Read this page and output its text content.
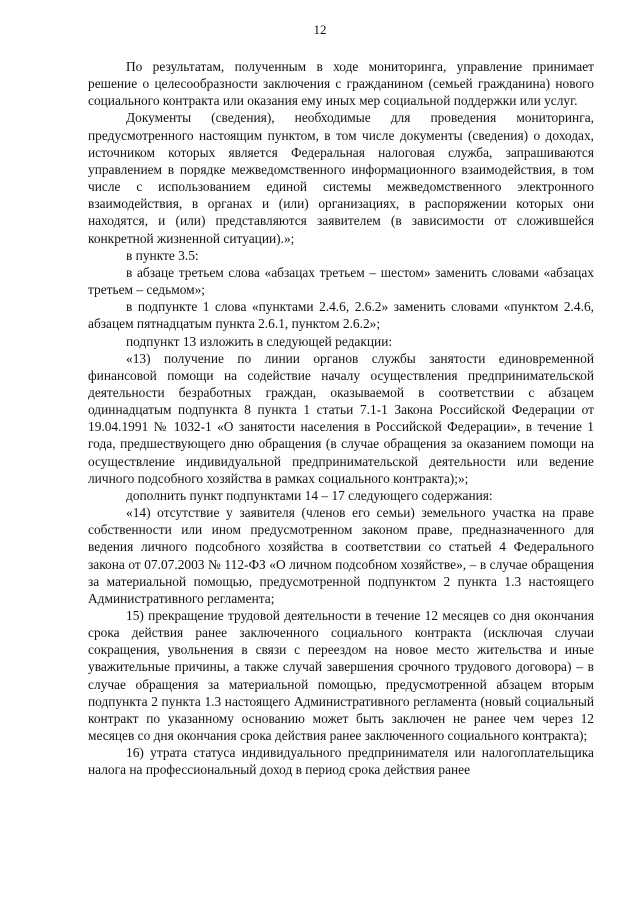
12

По результатам, полученным в ходе мониторинга, управление принимает решение о целесообразности заключения с гражданином (семьей гражданина) нового социального контракта или оказания ему иных мер социальной поддержки или услуг.

Документы (сведения), необходимые для проведения мониторинга, предусмотренного настоящим пунктом, в том числе документы (сведения) о доходах, источником которых является Федеральная налоговая служба, запрашиваются управлением в порядке межведомственного информационного взаимодействия, в том числе с использованием единой системы межведомственного электронного взаимодействия, в органах и (или) организациях, в распоряжении которых они находятся, и (или) представляются заявителем (в зависимости от сложившейся конкретной жизненной ситуации).»;

в пункте 3.5:

в абзаце третьем слова «абзацах третьем – шестом» заменить словами «абзацах третьем – седьмом»;

в подпункте 1 слова «пунктами 2.4.6, 2.6.2» заменить словами «пунктом 2.4.6, абзацем пятнадцатым пункта 2.6.1, пунктом 2.6.2»;

подпункт 13 изложить в следующей редакции:

«13) получение по линии органов службы занятости единовременной финансовой помощи на содействие началу осуществления предпринимательской деятельности безработных граждан, оказываемой в соответствии с абзацем одиннадцатым подпункта 8 пункта 1 статьи 7.1-1 Закона Российской Федерации от 19.04.1991 № 1032-1 «О занятости населения в Российской Федерации», в течение 1 года, предшествующего дню обращения (в случае обращения за оказанием помощи на осуществление индивидуальной предпринимательской деятельности или ведение личного подсобного хозяйства в рамках социального контракта);»;

дополнить пункт подпунктами 14 – 17 следующего содержания:

«14) отсутствие у заявителя (членов его семьи) земельного участка на праве собственности или ином предусмотренном законом праве, предназначенного для ведения личного подсобного хозяйства в соответствии со статьей 4 Федерального закона от 07.07.2003 № 112-ФЗ «О личном подсобном хозяйстве», – в случае обращения за материальной помощью, предусмотренной подпунктом 2 пункта 1.3 настоящего Административного регламента;

15) прекращение трудовой деятельности в течение 12 месяцев со дня окончания срока действия ранее заключенного социального контракта (исключая случаи сокращения, увольнения в связи с переездом на новое место жительства и иные уважительные причины, а также случай завершения срочного трудового договора) – в случае обращения за материальной помощью, предусмотренной абзацем вторым подпункта 2 пункта 1.3 настоящего Административного регламента (новый социальный контракт по указанному основанию может быть заключен не ранее чем через 12 месяцев со дня окончания срока действия ранее заключенного социального контракта);

16) утрата статуса индивидуального предпринимателя или налогоплательщика налога на профессиональный доход в период срока действия ранее
